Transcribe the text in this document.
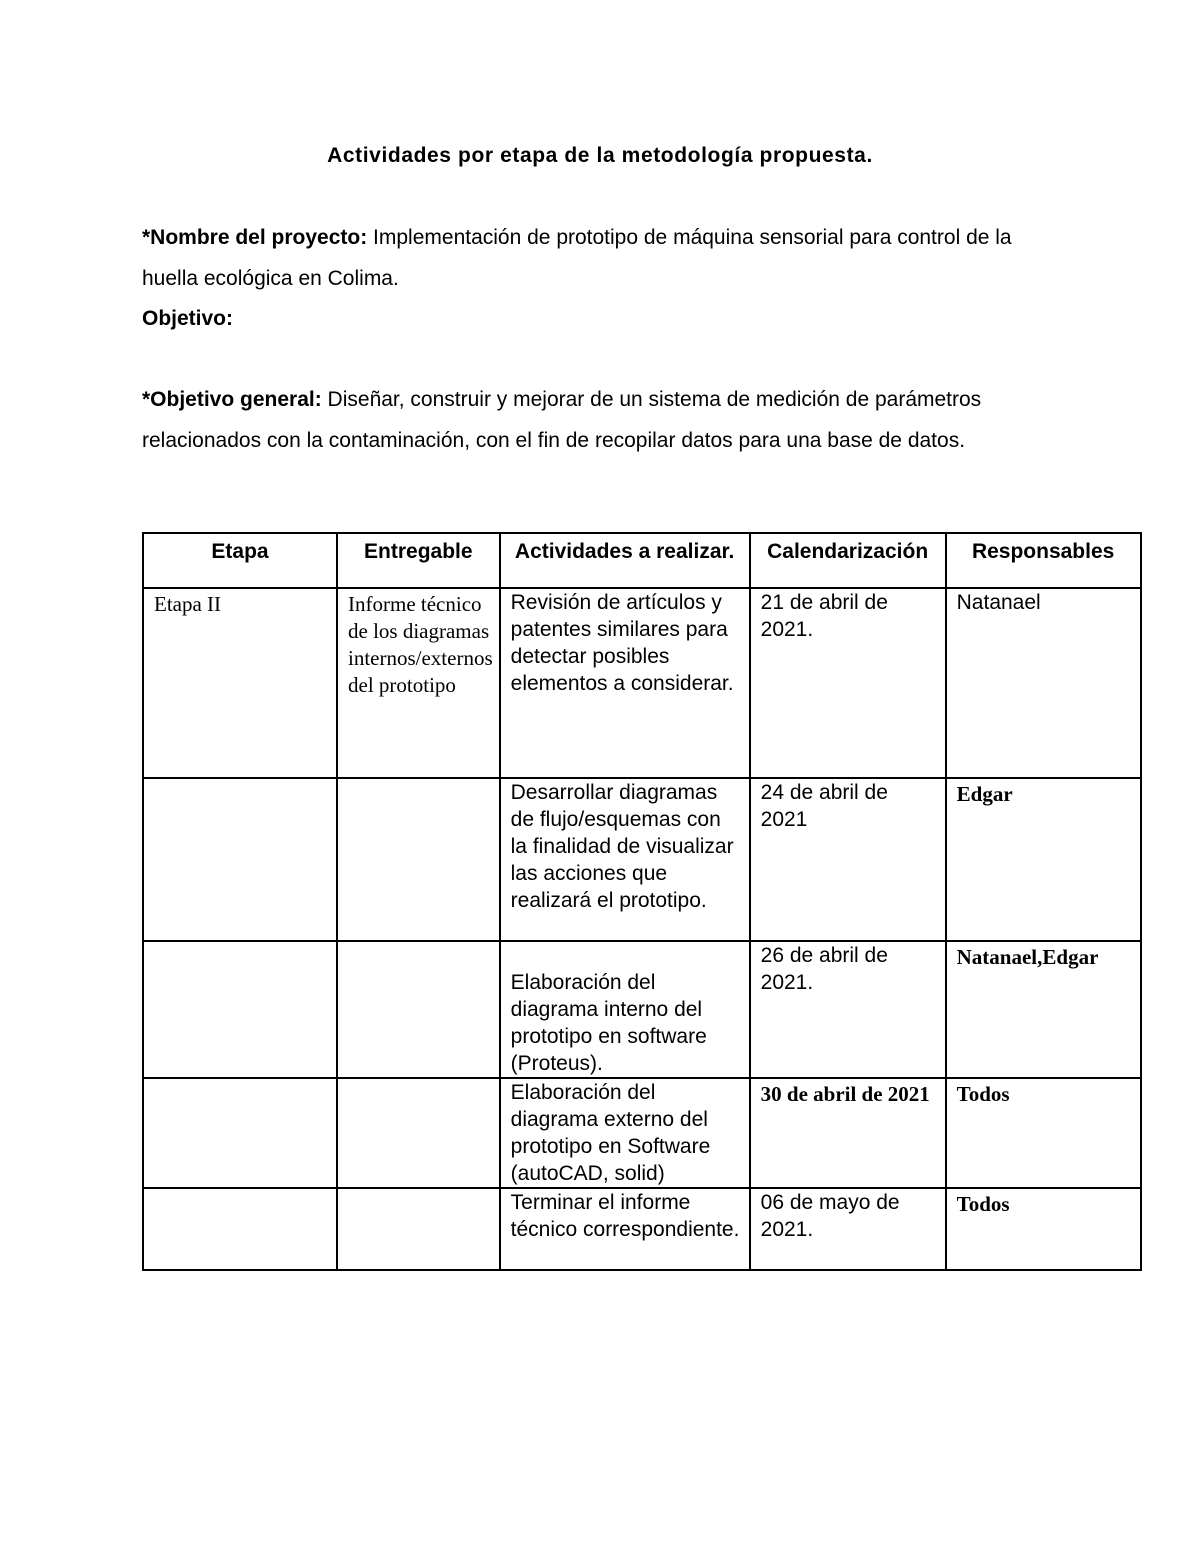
Actividades por etapa de la metodología propuesta.
*Nombre del proyecto: Implementación de prototipo de máquina sensorial para control de la huella ecológica en Colima.
Objetivo:
*Objetivo general: Diseñar, construir y mejorar de un sistema de medición de parámetros relacionados con la contaminación, con el fin de recopilar datos para una base de datos.
Etapa	Entregable	Actividades a realizar.	Calendarización	Responsables
Etapa II	Informe técnico de los diagramas internos/externos del prototipo	Revisión de artículos y patentes similares para detectar posibles elementos a considerar.	21 de abril de 2021.	Natanael
		Desarrollar diagramas de flujo/esquemas con la finalidad de visualizar las acciones que realizará el prototipo.	24 de abril de 2021	Edgar

		Elaboración del diagrama interno del prototipo en software (Proteus).	26 de abril de 2021.	Natanael,Edgar
		Elaboración del diagrama externo del prototipo en Software (autoCAD, solid)	30 de abril de 2021	Todos
		Terminar el informe técnico correspondiente.	06 de mayo de 2021.	Todos
